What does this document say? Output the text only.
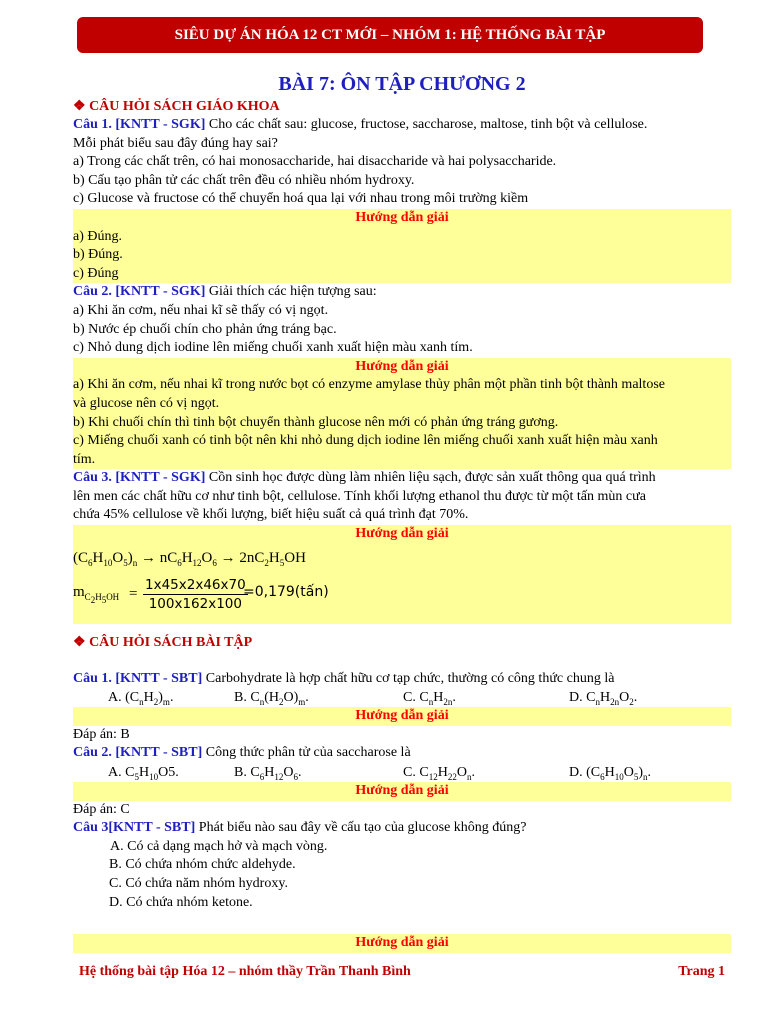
SIÊU DỰ ÁN HÓA 12 CT MỚI – NHÓM 1: HỆ THỐNG BÀI TẬP
BÀI 7: ÔN TẬP CHƯƠNG 2
❖ CÂU HỎI SÁCH GIÁO KHOA
Câu 1. [KNTT - SGK] Cho các chất sau: glucose, fructose, saccharose, maltose, tinh bột và cellulose.
Mỗi phát biểu sau đây đúng hay sai?
a) Trong các chất trên, có hai monosaccharide, hai disaccharide và hai polysaccharide.
b) Cấu tạo phân tử các chất trên đều có nhiều nhóm hydroxy.
c) Glucose và fructose có thể chuyển hoá qua lại với nhau trong môi trường kiềm
Hướng dẫn giải
a) Đúng.
b) Đúng.
c) Đúng
Câu 2. [KNTT - SGK] Giải thích các hiện tượng sau:
a) Khi ăn cơm, nếu nhai kĩ sẽ thấy có vị ngọt.
b) Nước ép chuối chín cho phản ứng tráng bạc.
c) Nhỏ dung dịch iodine lên miếng chuối xanh xuất hiện màu xanh tím.
Hướng dẫn giải
a) Khi ăn cơm, nếu nhai kĩ trong nước bọt có enzyme amylase thủy phân một phần tinh bột thành maltose
và glucose nên có vị ngọt.
b) Khi chuối chín thì tinh bột chuyển thành glucose nên mới có phản ứng tráng gương.
c) Miếng chuối xanh có tinh bột nên khi nhỏ dung dịch iodine lên miếng chuối xanh xuất hiện màu xanh
tím.
Câu 3. [KNTT - SGK] Cồn sinh học được dùng làm nhiên liệu sạch, được sản xuất thông qua quá trình
lên men các chất hữu cơ như tinh bột, cellulose. Tính khối lượng ethanol thu được từ một tấn mùn cưa
chứa 45% cellulose về khối lượng, biết hiệu suất cả quá trình đạt 70%.
Hướng dẫn giải
$(C_6H_{10}O_5)_n \to nC_6H_{12}O_6 \to 2nC_2H_5OH$
$m_{C_2H_5OH} = \frac{1x45x2x46x70}{100x162x100}$
=0,179(tấn)
❖ CÂU HỎI SÁCH BÀI TẬP
Câu 1. [KNTT - SBT] Carbohydrate là hợp chất hữu cơ tạp chức, thường có công thức chung là
A. $(C_nH_2)_m$.	B. $C_n(H_2O)_m$.	C. $C_nH_{2n}$.	D. $C_nH_{2n}O_2$.
Hướng dẫn giải
Đáp án: B
Câu 2. [KNTT - SBT] Công thức phân tử của saccharose là
A. $C_5H_{10}O5$.	B. $C_6H_{12}O_6$.	C. $C_{12}H_{22}O_n$.	D. $(C_6H_{10}O_5)_n$.
Hướng dẫn giải
Đáp án: C
Câu 3[KNTT - SBT] Phát biểu nào sau đây về cấu tạo của glucose không đúng?
A. Có cả dạng mạch hở và mạch vòng.
B. Có chứa nhóm chức aldehyde.
C. Có chứa năm nhóm hydroxy.
D. Có chứa nhóm ketone.
Hướng dẫn giải
Hệ thống bài tập Hóa 12 – nhóm thầy Trần Thanh Bình	Trang 1
